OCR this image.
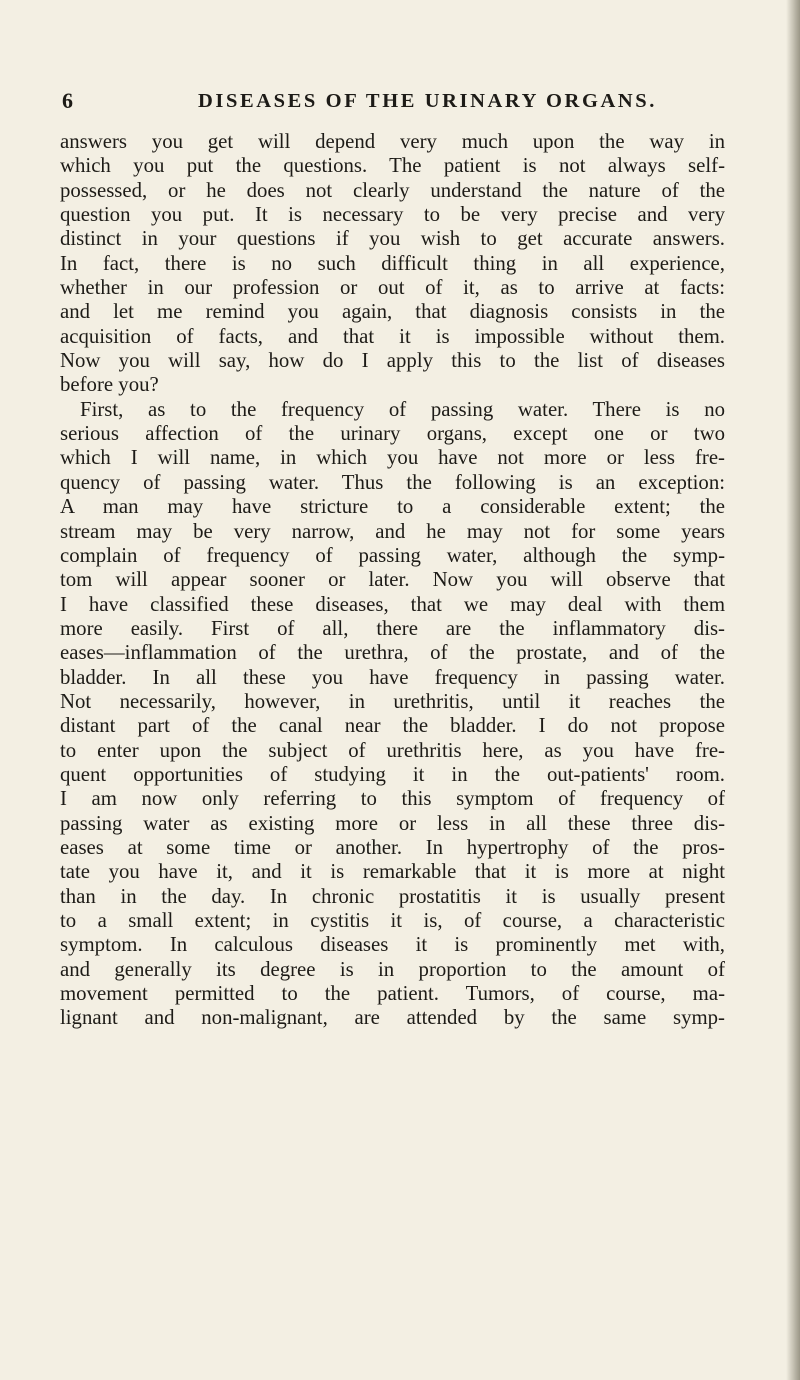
6	DISEASES OF THE URINARY ORGANS.
answers you get will depend very much upon the way in
which you put the questions. The patient is not always self-
possessed, or he does not clearly understand the nature of the
question you put. It is necessary to be very precise and very
distinct in your questions if you wish to get accurate answers.
In fact, there is no such difficult thing in all experience,
whether in our profession or out of it, as to arrive at facts:
and let me remind you again, that diagnosis consists in the
acquisition of facts, and that it is impossible without them.
Now you will say, how do I apply this to the list of diseases
before you?
First, as to the frequency of passing water. There is no
serious affection of the urinary organs, except one or two
which I will name, in which you have not more or less fre-
quency of passing water. Thus the following is an exception:
A man may have stricture to a considerable extent; the
stream may be very narrow, and he may not for some years
complain of frequency of passing water, although the symp-
tom will appear sooner or later. Now you will observe that
I have classified these diseases, that we may deal with them
more easily. First of all, there are the inflammatory dis-
eases—inflammation of the urethra, of the prostate, and of the
bladder. In all these you have frequency in passing water.
Not necessarily, however, in urethritis, until it reaches the
distant part of the canal near the bladder. I do not propose
to enter upon the subject of urethritis here, as you have fre-
quent opportunities of studying it in the out-patients' room.
I am now only referring to this symptom of frequency of
passing water as existing more or less in all these three dis-
eases at some time or another. In hypertrophy of the pros-
tate you have it, and it is remarkable that it is more at night
than in the day. In chronic prostatitis it is usually present
to a small extent; in cystitis it is, of course, a characteristic
symptom. In calculous diseases it is prominently met with,
and generally its degree is in proportion to the amount of
movement permitted to the patient. Tumors, of course, ma-
lignant and non-malignant, are attended by the same symp-
